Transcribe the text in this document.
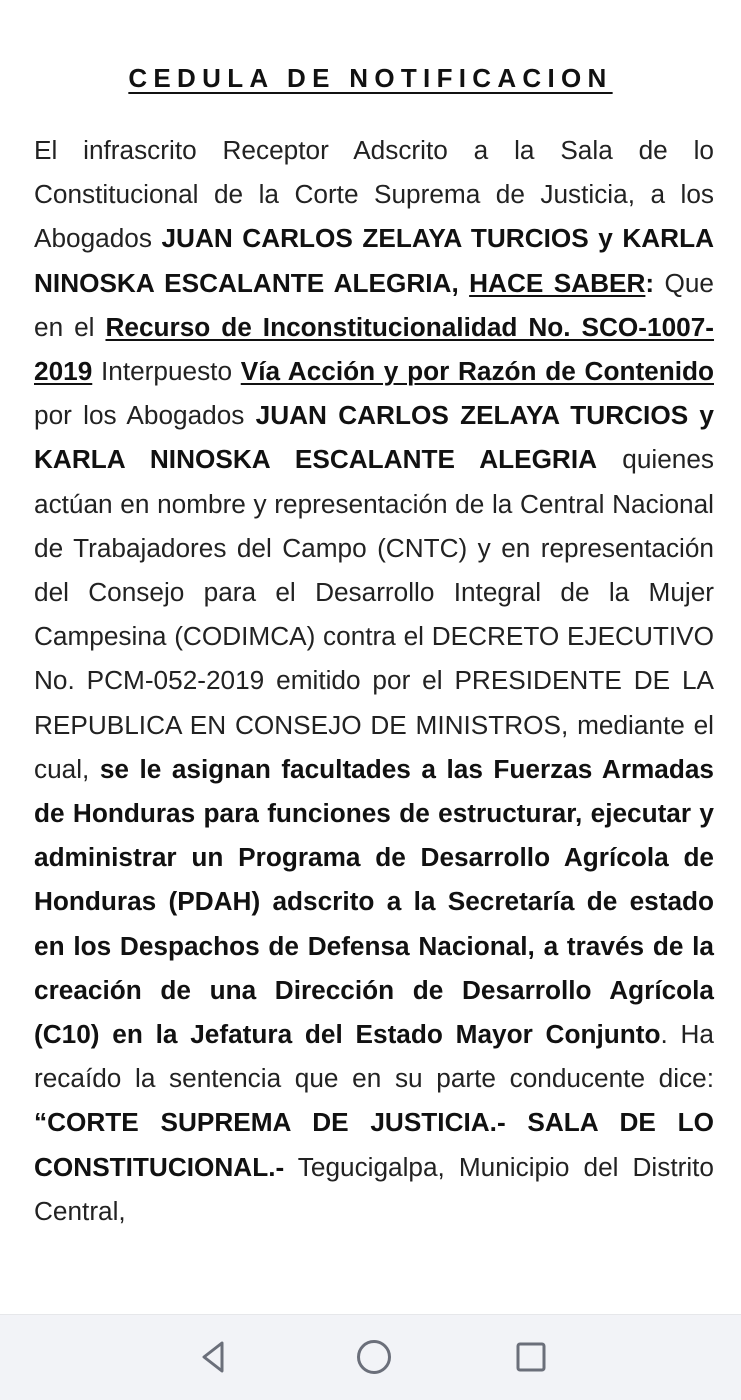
CEDULA DE NOTIFICACION

El infrascrito Receptor Adscrito a la Sala de lo Constitucional de la Corte Suprema de Justicia, a los Abogados JUAN CARLOS ZELAYA TURCIOS y KARLA NINOSKA ESCALANTE ALEGRIA, HACE SABER: Que en el Recurso de Inconstitucionalidad No. SCO-1007-2019 Interpuesto Vía Acción y por Razón de Contenido  por los Abogados JUAN CARLOS ZELAYA TURCIOS y KARLA NINOSKA ESCALANTE ALEGRIA quienes actúan en nombre y representación de la Central Nacional de Trabajadores del Campo (CNTC) y en representación del Consejo para el Desarrollo Integral de la Mujer Campesina (CODIMCA) contra el DECRETO EJECUTIVO No. PCM-052-2019 emitido por el PRESIDENTE DE LA REPUBLICA EN CONSEJO DE MINISTROS, mediante el cual, se le asignan facultades a las Fuerzas Armadas de Honduras para funciones de estructurar, ejecutar y administrar un Programa de Desarrollo Agrícola de Honduras (PDAH) adscrito a la Secretaría de estado en los Despachos de Defensa Nacional, a través de la creación de una Dirección de Desarrollo Agrícola (C10) en la Jefatura del Estado Mayor Conjunto. Ha recaído la sentencia que en su parte conducente dice: “CORTE SUPREMA DE JUSTICIA.- SALA DE LO CONSTITUCIONAL.- Tegucigalpa, Municipio del Distrito Central,
